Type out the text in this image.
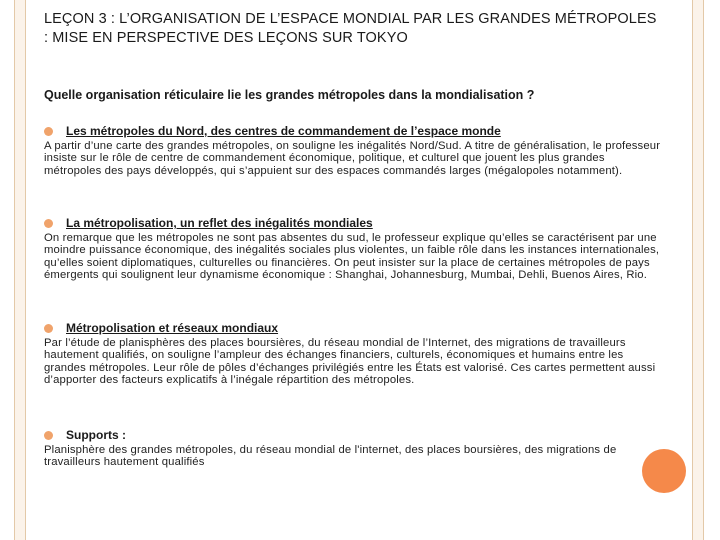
LEÇON 3 : L’ORGANISATION DE L’ESPACE MONDIAL PAR LES GRANDES MÉTROPOLES : MISE EN PERSPECTIVE DES LEÇONS SUR TOKYO
Quelle organisation réticulaire lie les grandes métropoles dans la mondialisation ?
Les métropoles du Nord, des centres de commandement de l’espace monde
A partir d’une carte des grandes métropoles, on souligne les inégalités Nord/Sud. A titre de généralisation, le professeur insiste sur le rôle de centre de commandement économique, politique, et culturel que jouent les plus grandes métropoles des pays développés, qui s’appuient sur des espaces commandés larges (mégalopoles notamment).
La métropolisation, un reflet des inégalités mondiales
On remarque que les métropoles ne sont pas absentes du sud, le professeur explique qu’elles se caractérisent par une moindre puissance économique, des inégalités sociales plus violentes, un faible rôle dans les instances internationales, qu’elles soient diplomatiques, culturelles ou financières. On peut insister sur la place de certaines métropoles de pays émergents qui soulignent leur dynamisme économique : Shanghai, Johannesburg, Mumbai, Dehli, Buenos Aires, Rio.
Métropolisation et réseaux mondiaux
Par l’étude de planisphères des places boursières, du réseau mondial de l’Internet, des migrations de travailleurs hautement qualifiés, on souligne l’ampleur des échanges financiers, culturels, économiques et humains entre les grandes métropoles. Leur rôle de pôles d’échanges privilégiés entre les États est valorisé. Ces cartes permettent aussi d’apporter des facteurs explicatifs à l’inégale répartition des métropoles.
Supports :
Planisphère des grandes métropoles, du réseau mondial de l'internet, des places boursières, des migrations de travailleurs hautement qualifiés
